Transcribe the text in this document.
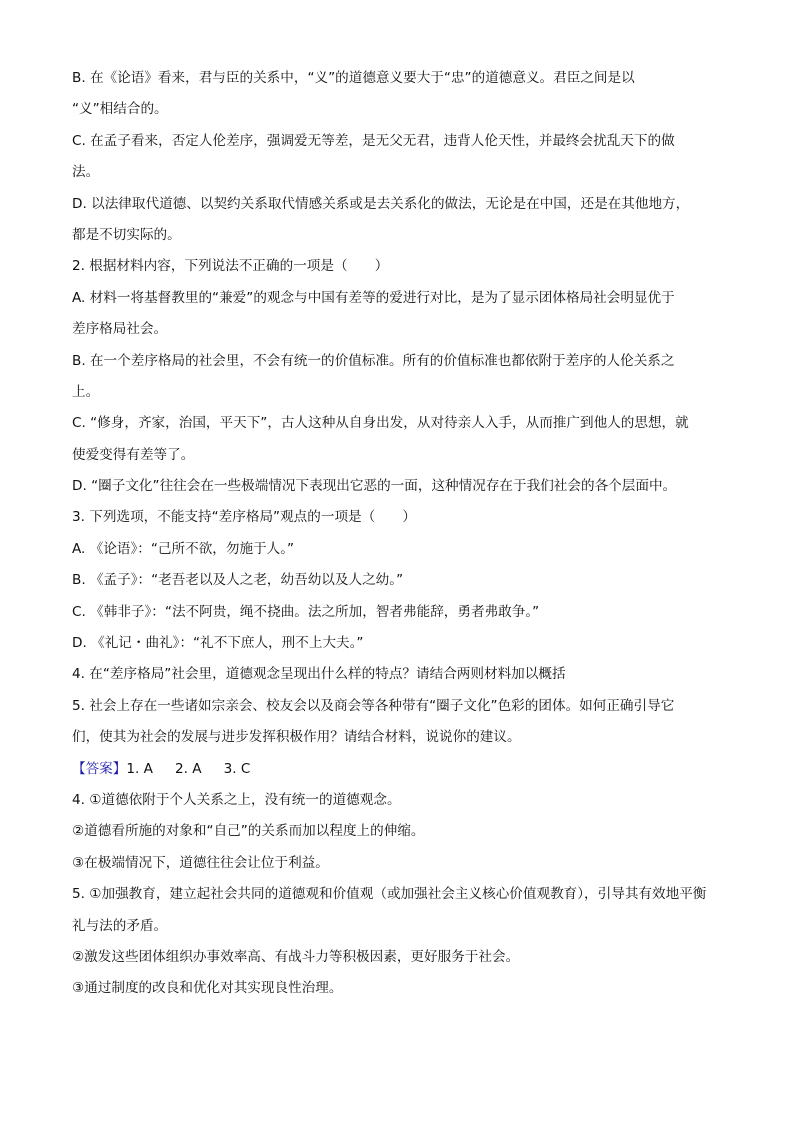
B. 在《论语》看来，君与臣的关系中，“义”的道德意义要大于“忠”的道德意义。君臣之间是以
“义”相结合的。
C. 在孟子看来，否定人伦差序，强调爱无等差，是无父无君，违背人伦天性，并最终会扰乱天下的做
法。
D. 以法律取代道德、以契约关系取代情感关系或是去关系化的做法，无论是在中国，还是在其他地方，
都是不切实际的。
2. 根据材料内容，下列说法不正确的一项是（　　）
A. 材料一将基督教里的“兼爱”的观念与中国有差等的爱进行对比，是为了显示团体格局社会明显优于
差序格局社会。
B. 在一个差序格局的社会里，不会有统一的价值标准。所有的价值标准也都依附于差序的人伦关系之
上。
C. “修身，齐家，治国，平天下”，古人这种从自身出发，从对待亲人入手，从而推广到他人的思想，就
使爱变得有差等了。
D. “圈子文化”往往会在一些极端情况下表现出它恶的一面，这种情况存在于我们社会的各个层面中。
3. 下列选项，不能支持“差序格局”观点的一项是（　　）
A. 《论语》：“己所不欲，勿施于人。”
B. 《孟子》：“老吾老以及人之老，幼吾幼以及人之幼。”
C. 《韩非子》：“法不阿贵，绳不挠曲。法之所加，智者弗能辞，勇者弗敢争。”
D. 《礼记・曲礼》：“礼不下庶人，刑不上大夫。”
4. 在“差序格局”社会里，道德观念呈现出什么样的特点？请结合两则材料加以概括
5. 社会上存在一些诸如宗亲会、校友会以及商会等各种带有“圈子文化”色彩的团体。如何正确引导它
们，使其为社会的发展与进步发挥积极作用？请结合材料，说说你的建议。
【答案】1. A 2. A 3. C
4. ①道德依附于个人关系之上，没有统一的道德观念。
②道德看所施的对象和“自己”的关系而加以程度上的伸缩。
③在极端情况下，道德往往会让位于利益。
5. ①加强教育，建立起社会共同的道德观和价值观（或加强社会主义核心价值观教育），引导其有效地平衡
礼与法的矛盾。
②激发这些团体组织办事效率高、有战斗力等积极因素，更好服务于社会。
③通过制度的改良和优化对其实现良性治理。
